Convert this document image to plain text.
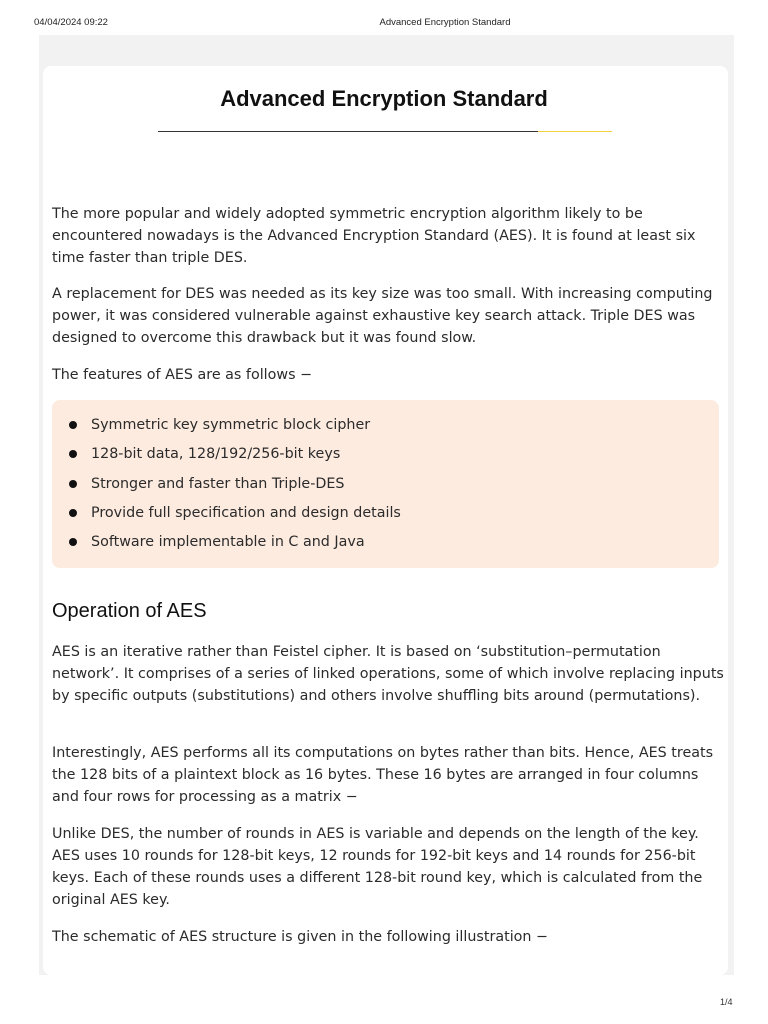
04/04/2024 09:22	Advanced Encryption Standard
Advanced Encryption Standard

The more popular and widely adopted symmetric encryption algorithm likely to be encountered nowadays is the Advanced Encryption Standard (AES). It is found at least six time faster than triple DES.

A replacement for DES was needed as its key size was too small. With increasing computing power, it was considered vulnerable against exhaustive key search attack. Triple DES was designed to overcome this drawback but it was found slow.

The features of AES are as follows −

Symmetric key symmetric block cipher
128-bit data, 128/192/256-bit keys
Stronger and faster than Triple-DES
Provide full specification and design details
Software implementable in C and Java
Operation of AES

AES is an iterative rather than Feistel cipher. It is based on ‘substitution–permutation network’. It comprises of a series of linked operations, some of which involve replacing inputs by specific outputs (substitutions) and others involve shuffling bits around (permutations).

Interestingly, AES performs all its computations on bytes rather than bits. Hence, AES treats the 128 bits of a plaintext block as 16 bytes. These 16 bytes are arranged in four columns and four rows for processing as a matrix −

Unlike DES, the number of rounds in AES is variable and depends on the length of the key. AES uses 10 rounds for 128-bit keys, 12 rounds for 192-bit keys and 14 rounds for 256-bit keys. Each of these rounds uses a different 128-bit round key, which is calculated from the original AES key.

The schematic of AES structure is given in the following illustration −

1/4
